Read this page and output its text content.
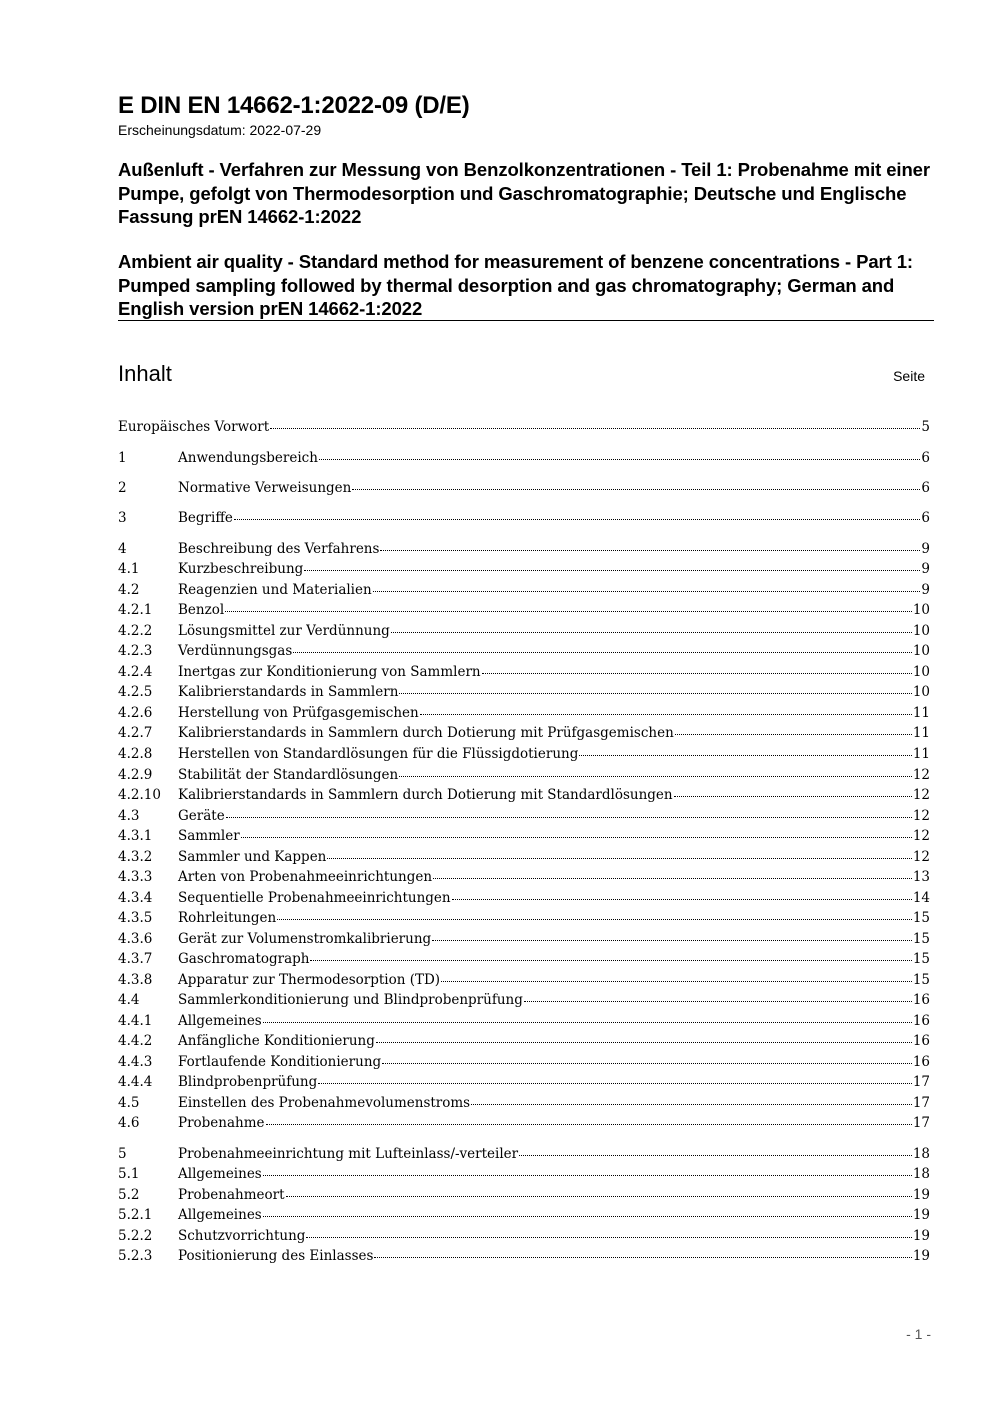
E DIN EN 14662-1:2022-09 (D/E)
Erscheinungsdatum: 2022-07-29
Außenluft - Verfahren zur Messung von Benzolkonzentrationen - Teil 1: Probenahme mit einer Pumpe, gefolgt von Thermodesorption und Gaschromatographie; Deutsche und Englische Fassung prEN 14662-1:2022
Ambient air quality - Standard method for measurement of benzene concentrations - Part 1: Pumped sampling followed by thermal desorption and gas chromatography; German and English version prEN 14662-1:2022
Inhalt	Seite
Europäisches Vorwort	5
1	Anwendungsbereich	6
2	Normative Verweisungen	6
3	Begriffe	6
4	Beschreibung des Verfahrens	9
4.1	Kurzbeschreibung	9
4.2	Reagenzien und Materialien	9
4.2.1	Benzol	10
4.2.2	Lösungsmittel zur Verdünnung	10
4.2.3	Verdünnungsgas	10
4.2.4	Inertgas zur Konditionierung von Sammlern	10
4.2.5	Kalibrierstandards in Sammlern	10
4.2.6	Herstellung von Prüfgasgemischen	11
4.2.7	Kalibrierstandards in Sammlern durch Dotierung mit Prüfgasgemischen	11
4.2.8	Herstellen von Standardlösungen für die Flüssigdotierung	11
4.2.9	Stabilität der Standardlösungen	12
4.2.10	Kalibrierstandards in Sammlern durch Dotierung mit Standardlösungen	12
4.3	Geräte	12
4.3.1	Sammler	12
4.3.2	Sammler und Kappen	12
4.3.3	Arten von Probenahmeeinrichtungen	13
4.3.4	Sequentielle Probenahmeeinrichtungen	14
4.3.5	Rohrleitungen	15
4.3.6	Gerät zur Volumenstromkalibrierung	15
4.3.7	Gaschromatograph	15
4.3.8	Apparatur zur Thermodesorption (TD)	15
4.4	Sammlerkonditionierung und Blindprobenprüfung	16
4.4.1	Allgemeines	16
4.4.2	Anfängliche Konditionierung	16
4.4.3	Fortlaufende Konditionierung	16
4.4.4	Blindprobenprüfung	17
4.5	Einstellen des Probenahmevolumenstroms	17
4.6	Probenahme	17
5	Probenahmeeinrichtung mit Lufteinlass/-verteiler	18
5.1	Allgemeines	18
5.2	Probenahmeort	19
5.2.1	Allgemeines	19
5.2.2	Schutzvorrichtung	19
5.2.3	Positionierung des Einlasses	19
- 1 -
